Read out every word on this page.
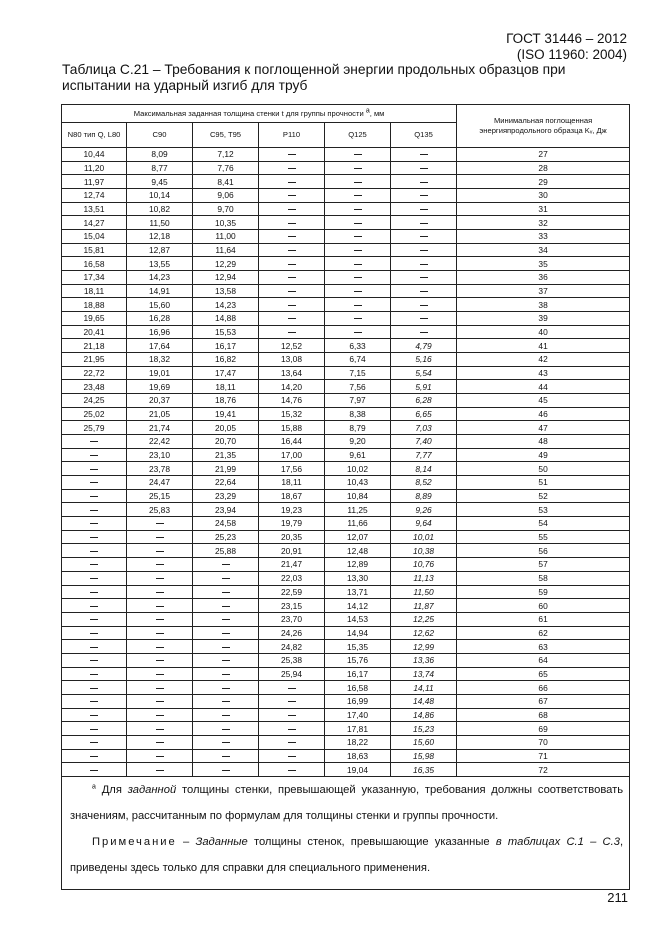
ГОСТ 31446 – 2012
(ISO 11960: 2004)
Таблица С.21 – Требования к поглощенной энергии продольных образцов при испытании на ударный изгиб для труб
Максимальная заданная толщина стенки t для группы прочности a, мм						Минимальная поглощенная энергияпродольного образца Kᵥ, Дж
N80 тип Q, L80	C90	C95, T95	P110	Q125	Q135	
10,44	8,09	7,12				27
11,20	8,77	7,76				28
11,97	9,45	8,41				29
12,74	10,14	9,06				30
13,51	10,82	9,70				31
14,27	11,50	10,35				32
15,04	12,18	11,00				33
15,81	12,87	11,64				34
16,58	13,55	12,29				35
17,34	14,23	12,94				36
18,11	14,91	13,58				37
18,88	15,60	14,23				38
19,65	16,28	14,88				39
20,41	16,96	15,53				40
21,18	17,64	16,17	12,52	6,33	4,79	41
21,95	18,32	16,82	13,08	6,74	5,16	42
22,72	19,01	17,47	13,64	7,15	5,54	43
23,48	19,69	18,11	14,20	7,56	5,91	44
24,25	20,37	18,76	14,76	7,97	6,28	45
25,02	21,05	19,41	15,32	8,38	6,65	46
25,79	21,74	20,05	15,88	8,79	7,03	47

	22,42	20,70	16,44	9,20	7,40	48

	23,10	21,35	17,00	9,61	7,77	49

	23,78	21,99	17,56	10,02	8,14	50

	24,47	22,64	18,11	10,43	8,52	51

	25,15	23,29	18,67	10,84	8,89	52

	25,83	23,94	19,23	11,25	9,26	53

	24,58	19,79	11,66	9,64	54

	25,23	20,35	12,07	10,01	55

	25,88	20,91	12,48	10,38	56

	21,47	12,89	10,76	57

	22,03	13,30	11,13	58

	22,59	13,71	11,50	59

	23,15	14,12	11,87	60

	23,70	14,53	12,25	61

	24,26	14,94	12,62	62

	24,82	15,35	12,99	63

	25,38	15,76	13,36	64

	25,94	16,17	13,74	65

	16,58	14,11	66

	16,99	14,48	67

	17,40	14,86	68

	17,81	15,23	69

	18,22	15,60	70

	18,63	15,98	71

	19,04	16,35	72

$^a$ Для заданной толщины стенки, превышающей указанную, требования должны соответствовать значениям, рассчитанным по формулам для толщины стенки и группы прочности.

Примечание – Заданные толщины стенок, превышающие указанные в таблицах С.1 – С.3, приведены здесь только для справки для специального применения.						

211
